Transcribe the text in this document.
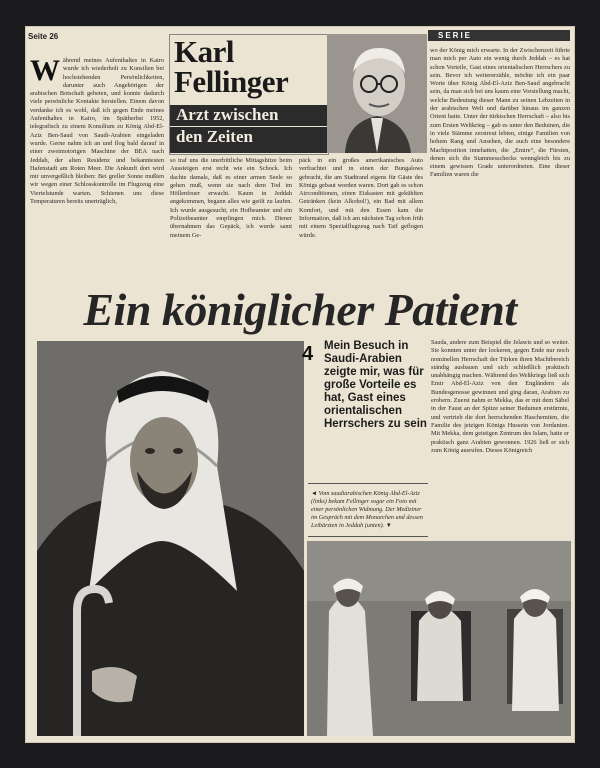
Seite 26	SERIE
Während meines Aufenthaltes in Kairo wurde ich wiederholt zu Konsilien bei hochstehenden Persönlichkeiten, darunter auch Angehörigen der arabischen Botschaft gebeten, und konnte dadurch viele persönliche Kontakte herstellen. Einem davon verdanke ich es wohl, daß ich gegen Ende meines Aufenthaltes in Kairo, im Spätherbst 1952, telegrafisch zu einem Konsilium zu König Abd-El-Aziz Ben-Saud von Saudi-Arabien eingeladen wurde. Gerne nahm ich an und flog bald darauf in einer zweimotorigen Maschine der BEA nach Jeddah, der alten Residenz und bekanntesten Hafenstadt am Roten Meer. Die Ankunft dort wird mir unvergeßlich bleiben: Bei greller Sonne mußten wir wegen einer Schlosskontrolle im Flugzeug eine Viertelstunde warten. Schienen uns diese Temperaturen bereits unerträglich,
Karl
Fellinger
Arzt zwischen
den Zeiten
so traf uns die unerbittliche Mittagshitze beim Aussteigen erst recht wie ein Schock. Ich dachte damals, daß es einer armen Seele so gehen muß, wenn sie nach dem Tod im Höllenfeuer erwacht. Kaum in Jeddah angekommen, begann alles wie geölt zu laufen. Ich wurde ausgesucht, ein Hofbeamter und ein Polizeibeamter empfingen mich. Diener übernahmen das Gepäck, ich wurde samt meinem Ge-
päck in ein großes amerikanisches Auto verfrachtet und in einen der Bungalows gebracht, die am Stadtrand eigens für Gäste des Königs gebaut worden waren. Dort gab es schon Airconditionen, einen Eiskasten mit gekühlten Getränken (kein Alkohol!), ein Bad mit allem Komfort, und mit den Essen kam die Information, daß ich am nächsten Tag schon früh mit einem Spezialflugzeug nach Taif geflogen würde.
wo der König mich erwarte. In der Zwischenzeit führte man mich per Auto ein wenig durch Jeddah – es hat schon Vorteile, Gast eines orientalischen Herrschers zu sein. Bevor ich weitererzähle, möchte ich ein paar Worte über König Abd-El-Aziz Ben-Saud angebracht sein, da man sich bei uns kaum eine Vorstellung macht, welche Bedeutung dieser Mann zu seinen Lebzeiten in der arabischen Welt und darüber hinaus im ganzen Orient hatte. Unter der türkischen Herrschaft – also bis zum Ersten Weltkrieg – gab es unter den Beduinen, die in viele Stämme zerstreut lebten, einige Familien von hohem Rang und Ansehen, die auch eine besondere Machtposition innehatten, die „Emire“, die Fürsten, denen sich die Stammesschecks wenngleich bis zu einem gewissen Grade unterordneten. Eine dieser Familien waren die
Ein königlicher Patient
4 Mein Besuch in Saudi-Arabien zeigte mir, was für große Vorteile es hat, Gast eines orientalischen Herrschers zu sein
◄ Vom saudiarabischen König Abd-El-Aziz (links) bekam Fellinger sogar ein Foto mit einer persönlichen Widmung. Der Mediziner im Gespräch mit dem Monarchen und dessen Leibärzten in Jeddah (unten). ▼
Sauda, andere zum Beispiel die Jelawis und so weiter. Sie konnten unter der lockeren, gegen Ende nur noch nominellen Herrschaft der Türken ihren Machtbereich ständig ausbauen und sich schließlich praktisch unabhängig machen. Während des Weltkriegs ließ sich Emir Abd-El-Aziz von den Engländern als Bundesgenosse gewinnen und ging daran, Arabien zu erobern. Zuerst nahm er Mekka, das er mit dem Säbel in der Faust an der Spitze seiner Beduinen erstürmte, und vertrieb die dort herrschenden Haschemiten, die Familie des jetzigen Königs Hussein von Jordanien. Mit Mekka, dem geistigen Zentrum des Islam, hatte er praktisch ganz Arabien gewonnen. 1926 ließ er sich zum König ausrufen. Dieses Königreich
